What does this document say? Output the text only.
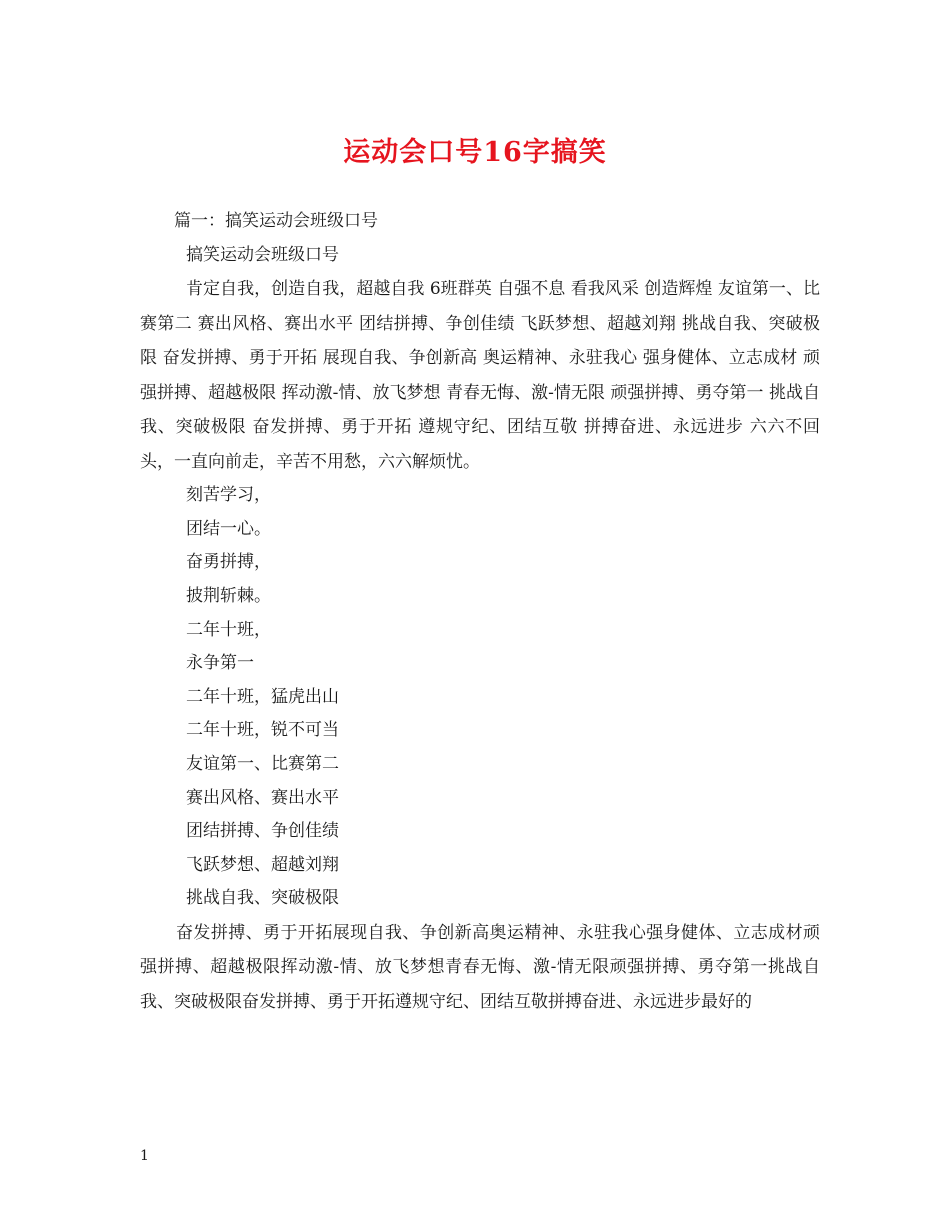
运动会口号16字搞笑
篇一：搞笑运动会班级口号
搞笑运动会班级口号

肯定自我，创造自我，超越自我 6班群英 自强不息 看我风采 创造辉煌 友谊第一、比赛第二 赛出风格、赛出水平 团结拼搏、争创佳绩 飞跃梦想、超越刘翔 挑战自我、突破极限 奋发拼搏、勇于开拓 展现自我、争创新高 奥运精神、永驻我心 强身健体、立志成材 顽强拼搏、超越极限 挥动激-情、放飞梦想 青春无悔、激-情无限 顽强拼搏、勇夺第一 挑战自我、突破极限 奋发拼搏、勇于开拓 遵规守纪、团结互敬 拼搏奋进、永远进步 六六不回头，一直向前走，辛苦不用愁，六六解烦忧。

刻苦学习，
团结一心。
奋勇拼搏，
披荆斩棘。
二年十班，
永争第一
二年十班，猛虎出山
二年十班，锐不可当
友谊第一、比赛第二
赛出风格、赛出水平
团结拼搏、争创佳绩
飞跃梦想、超越刘翔
挑战自我、突破极限

奋发拼搏、勇于开拓展现自我、争创新高奥运精神、永驻我心强身健体、立志成材顽强拼搏、超越极限挥动激-情、放飞梦想青春无悔、激-情无限顽强拼搏、勇夺第一挑战自我、突破极限奋发拼搏、勇于开拓遵规守纪、团结互敬拼搏奋进、永远进步最好的

1
